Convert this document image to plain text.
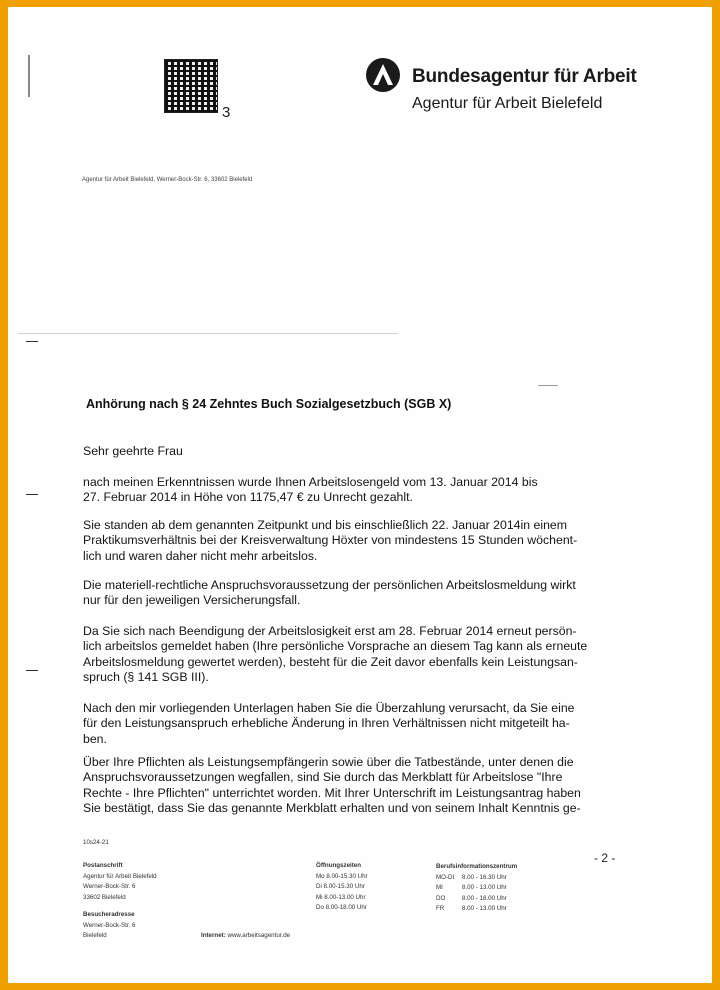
3
Bundesagentur für Arbeit
Agentur für Arbeit Bielefeld
Agentur für Arbeit Bielefeld, Werner-Bock-Str. 6, 33602 Bielefeld
Anhörung nach § 24 Zehntes Buch Sozialgesetzbuch (SGB X)
Sehr geehrte Frau

nach meinen Erkenntnissen wurde Ihnen Arbeitslosengeld vom 13. Januar 2014 bis
27. Februar 2014 in Höhe von 1175,47 € zu Unrecht gezahlt.

Sie standen ab dem genannten Zeitpunkt und bis einschließlich 22. Januar 2014in einem
Praktikumsverhältnis bei der Kreisverwaltung Höxter von mindestens 15 Stunden wöchent-
lich und waren daher nicht mehr arbeitslos.

Die materiell-rechtliche Anspruchsvoraussetzung der persönlichen Arbeitslosmeldung wirkt
nur für den jeweiligen Versicherungsfall.

Da Sie sich nach Beendigung der Arbeitslosigkeit erst am 28. Februar 2014 erneut persön-
lich arbeitslos gemeldet haben (Ihre persönliche Vorsprache an diesem Tag kann als erneute
Arbeitslosmeldung gewertet werden), besteht für die Zeit davor ebenfalls kein Leistungsan-
spruch (§ 141 SGB III).

Nach den mir vorliegenden Unterlagen haben Sie die Überzahlung verursacht, da Sie eine
für den Leistungsanspruch erhebliche Änderung in Ihren Verhältnissen nicht mitgeteilt ha-
ben.

Über Ihre Pflichten als Leistungsempfängerin sowie über die Tatbestände, unter denen die
Anspruchsvoraussetzungen wegfallen, sind Sie durch das Merkblatt für Arbeitslose "Ihre
Rechte - Ihre Pflichten" unterrichtet worden. Mit Ihrer Unterschrift im Leistungsantrag haben
Sie bestätigt, dass Sie das genannte Merkblatt erhalten und von seinem Inhalt Kenntnis ge-

10s24-21
- 2 -
Postanschrift
Agentur für Arbeit Bielefeld
Werner-Bock-Str. 6
33602 Bielefeld
Besucheradresse
Werner-Bock-Str. 6
Bielefeld	Internet: www.arbeitsagentur.de
Öffnungszeiten
Mo 8.00-15.30 Uhr
Di 8.00-15.30 Uhr
Mi 8.00-13.00 Uhr
Do 8.00-18.00 Uhr
Berufsinformationszentrum
MO-DI 8.00 - 16.30 Uhr
MI	8.00 - 13.00 Uhr
DO	8.00 - 18.00 Uhr
FR	8.00 - 13.00 Uhr
